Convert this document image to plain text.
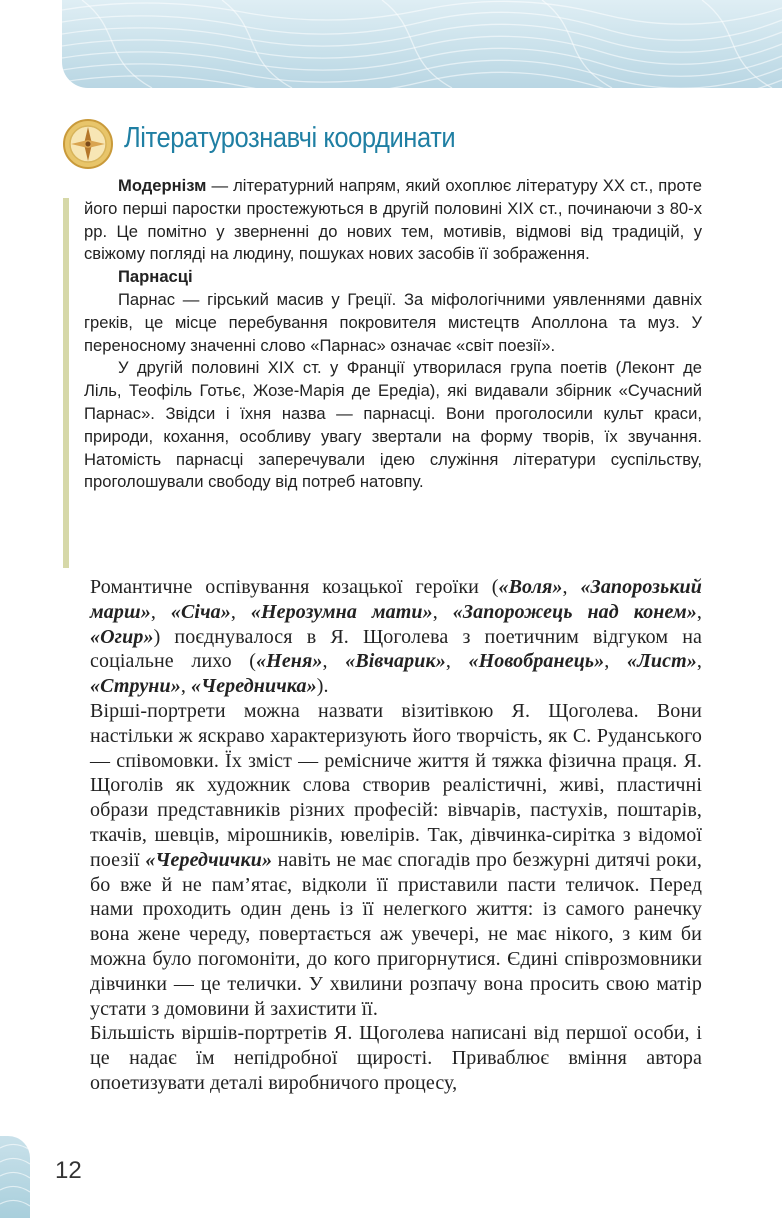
Літературознавчі координати

Модернізм — літературний напрям, який охоплює літературу XX ст., проте його перші паростки простежуються в другій половині XIX ст., починаючи з 80-х рр. Це помітно у зверненні до нових тем, мотивів, відмові від традицій, у свіжому погляді на людину, пошуках нових засобів її зображення.

Парнасці

Парнас — гірський масив у Греції. За міфологічними уявленнями давніх греків, це місце перебування покровителя мистецтв Аполлона та муз. У переносному значенні слово «Парнас» означає «світ поезії».

У другій половині XIX ст. у Франції утворилася група поетів (Леконт де Ліль, Теофіль Готьє, Жозе-Марія де Ередіа), які видавали збірник «Сучасний Парнас». Звідси і їхня назва — парнасці. Вони проголосили культ краси, природи, кохання, особливу увагу звертали на форму творів, їх звучання. Натомість парнасці заперечували ідею служіння літератури суспільству, проголошували свободу від потреб натовпу.

Романтичне оспівування козацької героїки («Воля», «Запорозький марш», «Січа», «Нерозумна мати», «Запорожець над конем», «Огир») поєднувалося в Я. Щоголева з поетичним відгуком на соціальне лихо («Неня», «Вівчарик», «Новобранець», «Лист», «Струни», «Чередничка»).

Вірші-портрети можна назвати візитівкою Я. Щоголева. Вони настільки ж яскраво характеризують його творчість, як С. Руданського — співомовки. Їх зміст — ремісниче життя й тяжка фізична праця. Я. Щоголів як художник слова створив реалістичні, живі, пластичні образи представників різних професій: вівчарів, пастухів, поштарів, ткачів, шевців, мірошників, ювелірів. Так, дівчинка-сирітка з відомої поезії «Чередчички» навіть не має спогадів про безжурні дитячі роки, бо вже й не пам’ятає, відколи її приставили пасти теличок. Перед нами проходить один день із її нелегкого життя: із самого ранечку вона жене череду, повертається аж увечері, не має нікого, з ким би можна було погомоніти, до кого пригорнутися. Єдині співрозмовники дівчинки — це телички. У хвилини розпачу вона просить свою матір устати з домовини й захистити її.

Більшість віршів-портретів Я. Щоголева написані від першої особи, і це надає їм непідробної щирості. Приваблює вміння автора опоетизувати деталі виробничого процесу,

12
